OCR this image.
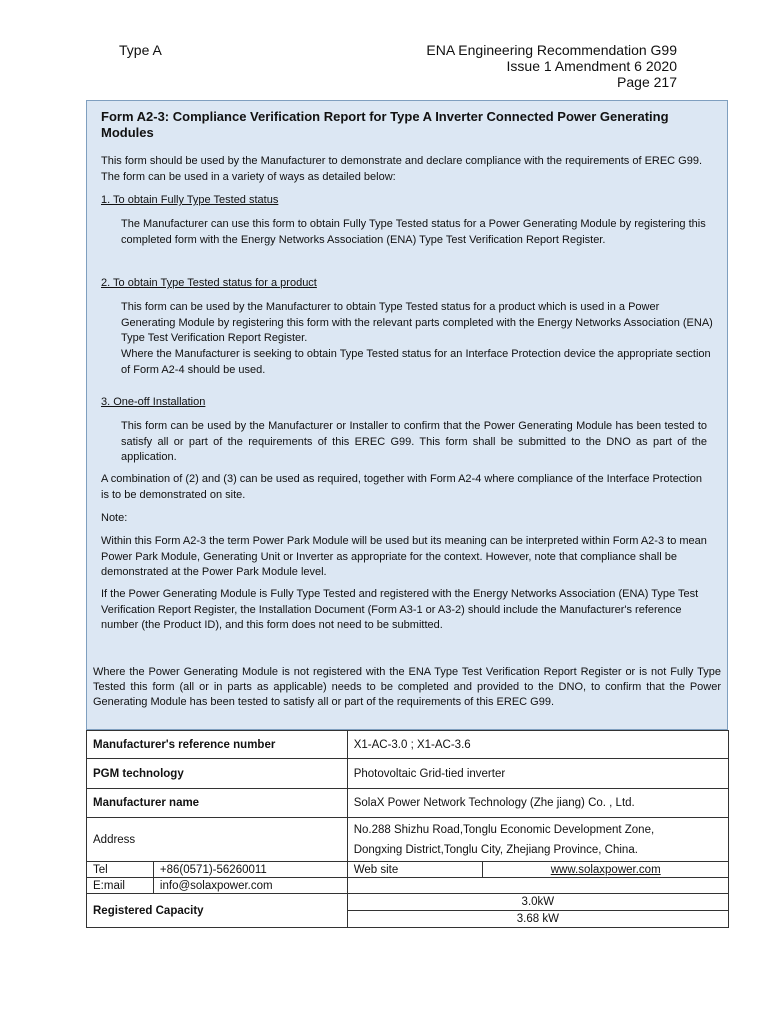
Type A	ENA Engineering Recommendation G99
Issue 1 Amendment 6 2020
Page 217
Form A2-3: Compliance Verification Report for Type A Inverter Connected Power Generating Modules
This form should be used by the Manufacturer to demonstrate and declare compliance with the requirements of EREC G99. The form can be used in a variety of ways as detailed below:
1. To obtain Fully Type Tested status
The Manufacturer can use this form to obtain Fully Type Tested status for a Power Generating Module by registering this completed form with the Energy Networks Association (ENA) Type Test Verification Report Register.
2. To obtain Type Tested status for a product
This form can be used by the Manufacturer to obtain Type Tested status for a product which is used in a Power Generating Module by registering this form with the relevant parts completed with the Energy Networks Association (ENA) Type Test Verification Report Register.
Where the Manufacturer is seeking to obtain Type Tested status for an Interface Protection device the appropriate section of Form A2-4 should be used.
3. One-off Installation
This form can be used by the Manufacturer or Installer to confirm that the Power Generating Module has been tested to satisfy all or part of the requirements of this EREC G99. This form shall be submitted to the DNO as part of the application.
A combination of (2) and (3) can be used as required, together with Form A2-4 where compliance of the Interface Protection is to be demonstrated on site.
Note:
Within this Form A2-3 the term Power Park Module will be used but its meaning can be interpreted within Form A2-3 to mean Power Park Module, Generating Unit or Inverter as appropriate for the context. However, note that compliance shall be demonstrated at the Power Park Module level.
If the Power Generating Module is Fully Type Tested and registered with the Energy Networks Association (ENA) Type Test Verification Report Register, the Installation Document (Form A3-1 or A3-2) should include the Manufacturer's reference number (the Product ID), and this form does not need to be submitted.
Where the Power Generating Module is not registered with the ENA Type Test Verification Report Register or is not Fully Type Tested this form (all or in parts as applicable) needs to be completed and provided to the DNO, to confirm that the Power Generating Module has been tested to satisfy all or part of the requirements of this EREC G99.
Manufacturer's reference number		X1-AC-3.0 ; X1-AC-3.6	
PGM technology		Photovoltaic Grid-tied inverter	
Manufacturer name		SolaX Power Network Technology (Zhe jiang) Co. , Ltd.	
Address		No.288 Shizhu Road,Tonglu Economic Development Zone,
Dongxing District,Tonglu City, Zhejiang Province, China.	

Tel	+86(0571)-56260011	Web site	www.solaxpower.com
E:mail	info@solaxpower.com		
Registered Capacity		3.0kW
3.68 kW	
